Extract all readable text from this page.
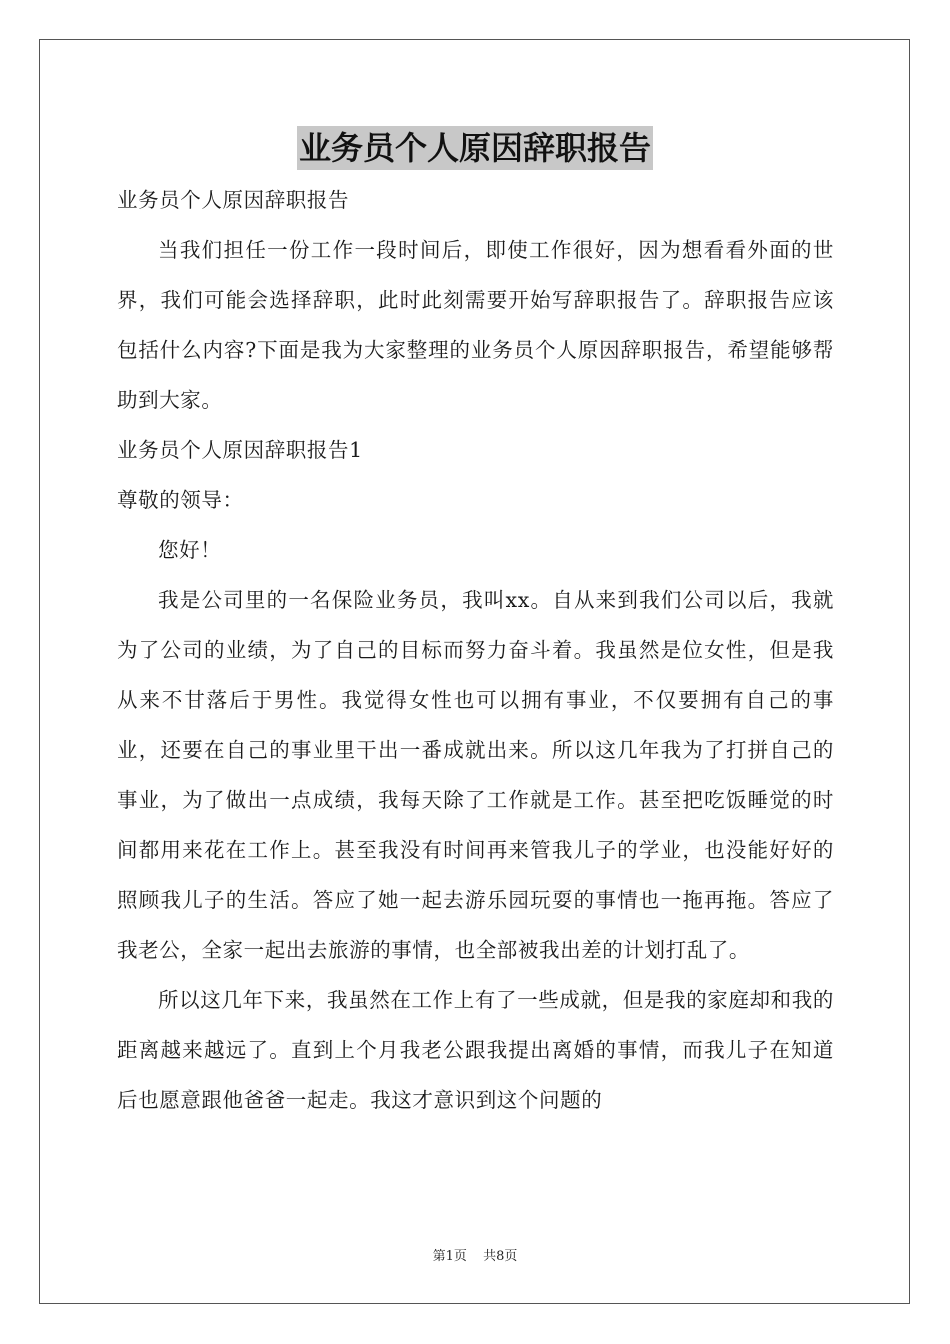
业务员个人原因辞职报告

业务员个人原因辞职报告

当我们担任一份工作一段时间后，即使工作很好，因为想看看外面的世界，我们可能会选择辞职，此时此刻需要开始写辞职报告了。辞职报告应该包括什么内容?下面是我为大家整理的业务员个人原因辞职报告，希望能够帮助到大家。

业务员个人原因辞职报告1

尊敬的领导：

您好！

我是公司里的一名保险业务员，我叫xx。自从来到我们公司以后，我就为了公司的业绩，为了自己的目标而努力奋斗着。我虽然是位女性，但是我从来不甘落后于男性。我觉得女性也可以拥有事业，不仅要拥有自己的事业，还要在自己的事业里干出一番成就出来。所以这几年我为了打拼自己的事业，为了做出一点成绩，我每天除了工作就是工作。甚至把吃饭睡觉的时间都用来花在工作上。甚至我没有时间再来管我儿子的学业，也没能好好的照顾我儿子的生活。答应了她一起去游乐园玩耍的事情也一拖再拖。答应了我老公，全家一起出去旅游的事情，也全部被我出差的计划打乱了。

所以这几年下来，我虽然在工作上有了一些成就，但是我的家庭却和我的距离越来越远了。直到上个月我老公跟我提出离婚的事情，而我儿子在知道后也愿意跟他爸爸一起走。我这才意识到这个问题的

第1页 共8页
